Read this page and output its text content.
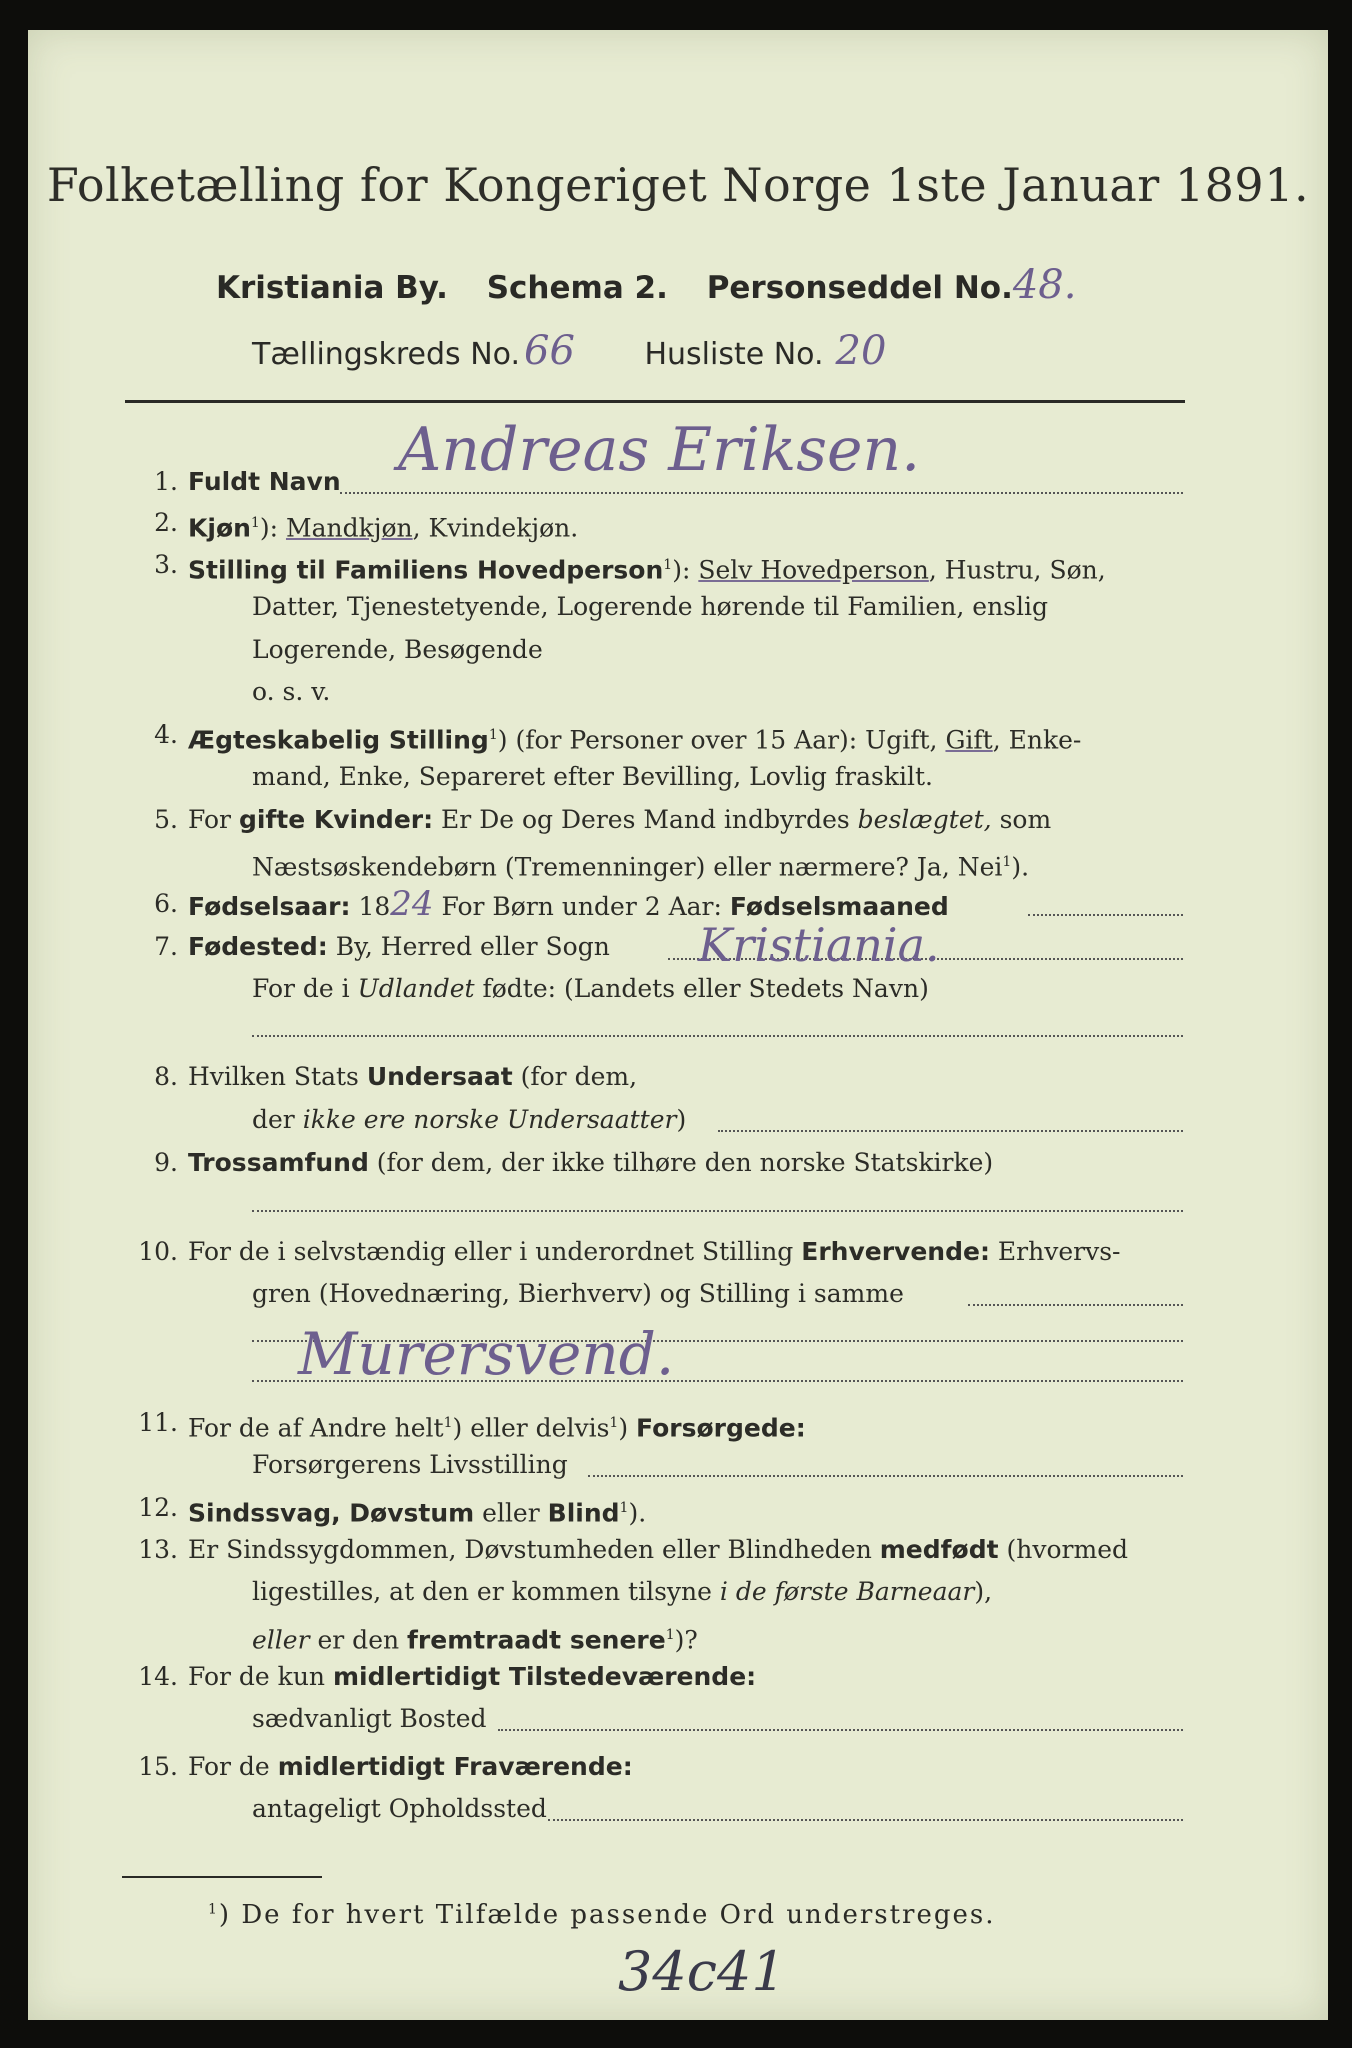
Folketælling for Kongeriget Norge 1ste Januar 1891.
Kristiania By. Schema 2. Personseddel No.48.
Tællingskreds No. 66 Husliste No. 20
1. Fuldt Navn Andreas Eriksen.
2. Kjøn$^1$): Mandkjøn, Kvindekjøn.
3. Stilling til Familiens Hovedperson$^1$): Selv Hovedperson, Hustru, Søn,
Datter, Tjenestetyende, Logerende hørende til Familien, enslig
Logerende, Besøgende
o. s. v.
4. Ægteskabelig Stilling$^1$) (for Personer over 15 Aar): Ugift, Gift, Enke-
mand, Enke, Separeret efter Bevilling, Lovlig fraskilt.
5. For gifte Kvinder: Er De og Deres Mand indbyrdes beslægtet, som
Næstsøskendebørn (Tremenninger) eller nærmere? Ja, Nei$^1$).
6. Fødselsaar: 1824 For Børn under 2 Aar: Fødselsmaaned
7. Fødested: By, Herred eller Sogn Kristiania.
For de i Udlandet fødte: (Landets eller Stedets Navn)
8. Hvilken Stats Undersaat (for dem,
der ikke ere norske Undersaatter)
9. Trossamfund (for dem, der ikke tilhøre den norske Statskirke)
10. For de i selvstændig eller i underordnet Stilling Erhvervende: Erhvervs-
gren (Hovednæring, Bierhverv) og Stilling i samme
Murersvend.
11. For de af Andre helt$^1$) eller delvis$^1$) Forsørgede:
Forsørgerens Livsstilling
12. Sindssvag, Døvstum eller Blind$^1$).
13. Er Sindssygdommen, Døvstumheden eller Blindheden medfødt (hvormed
ligestilles, at den er kommen tilsyne i de første Barneaar),
eller er den fremtraadt senere$^1$)?
14. For de kun midlertidigt Tilstedeværende:
sædvanligt Bosted
15. For de midlertidigt Fraværende:
antageligt Opholdssted
$^1$) De for hvert Tilfælde passende Ord understreges.
34c41
